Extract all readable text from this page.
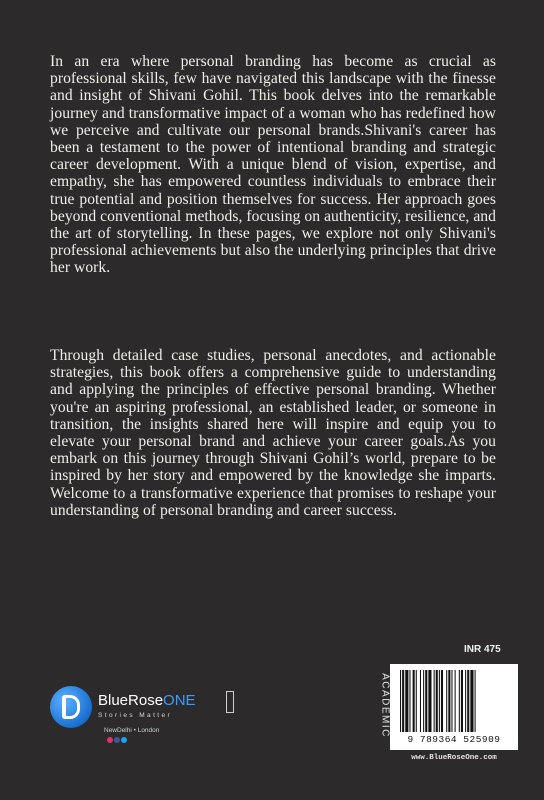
In an era where personal branding has become as crucial as professional skills, few have navigated this landscape with the finesse and insight of Shivani Gohil. This book delves into the remarkable journey and transformative impact of a woman who has redefined how we perceive and cultivate our personal brands.Shivani's career has been a testament to the power of intentional branding and strategic career development. With a unique blend of vision, expertise, and empathy, she has empowered countless individuals to embrace their true potential and position themselves for success. Her approach goes beyond conventional methods, focusing on authenticity, resilience, and the art of storytelling. In these pages, we explore not only Shivani's professional achievements but also the underlying principles that drive her work.

Through detailed case studies, personal anecdotes, and actionable strategies, this book offers a comprehensive guide to understanding and applying the principles of effective personal branding. Whether you're an aspiring professional, an established leader, or someone in transition, the insights shared here will inspire and equip you to elevate your personal brand and achieve your career goals.As you embark on this journey through Shivani Gohil’s world, prepare to be inspired by her story and empowered by the knowledge she imparts. Welcome to a transformative experience that promises to reshape your understanding of personal branding and career success.

BlueRoseONE
Stories Matter
NewDelhi • London
INR 475
ACADEMIC
9 789364 525909
www.BlueRoseOne.com
